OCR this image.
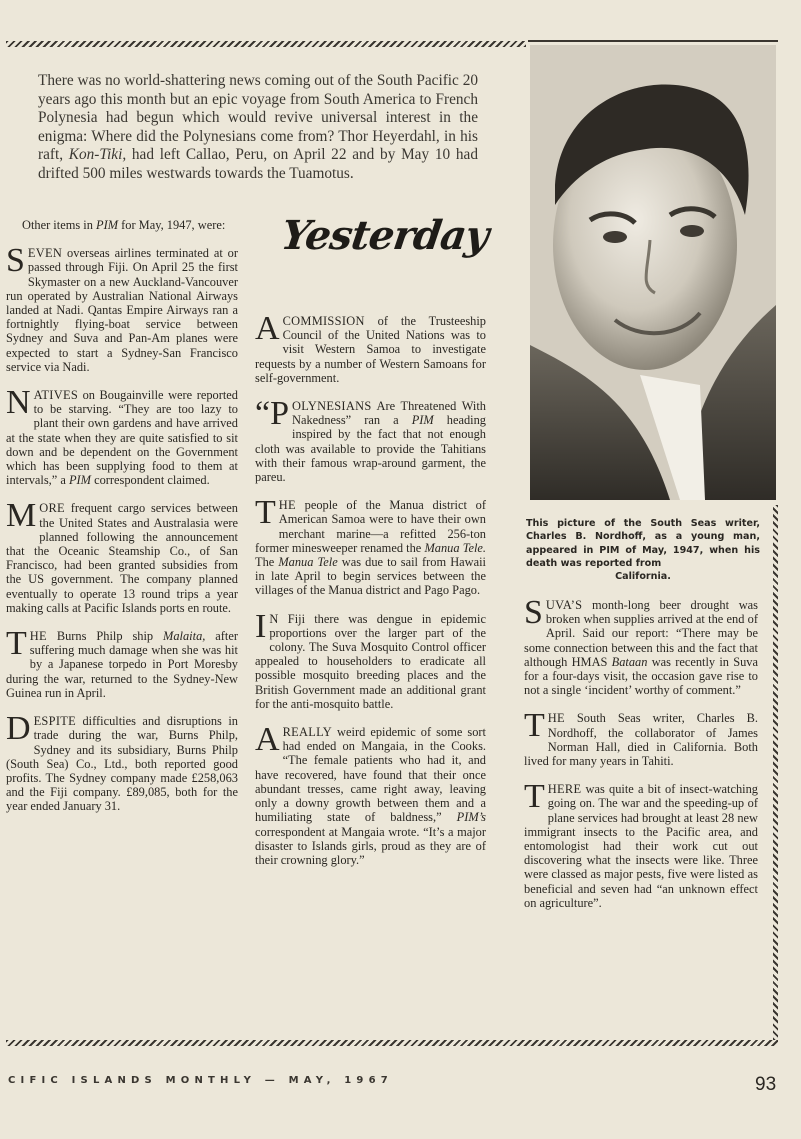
There was no world-shattering news coming out of the South Pacific 20 years ago this month but an epic voyage from South America to French Polynesia had begun which would revive universal interest in the enigma: Where did the Polynesians come from? Thor Heyerdahl, in his raft, Kon-Tiki, had left Callao, Peru, on April 22 and by May 10 had drifted 500 miles westwards towards the Tuamotus.
Yesterday

Other items in PIM for May, 1947, were:

SEVEN overseas airlines terminated at or passed through Fiji. On April 25 the first Skymaster on a new Auckland-Vancouver run operated by Australian National Airways landed at Nadi. Qantas Empire Airways ran a fortnightly flying-boat service between Sydney and Suva and Pan-Am planes were expected to start a Sydney-San Francisco service via Nadi.

NATIVES on Bougainville were reported to be starving. “They are too lazy to plant their own gardens and have arrived at the state when they are quite satisfied to sit down and be dependent on the Government which has been supplying food to them at intervals,” a PIM correspondent claimed.

MORE frequent cargo services between the United States and Australasia were planned following the announcement that the Oceanic Steamship Co., of San Francisco, had been granted subsidies from the US government. The company planned eventually to operate 13 round trips a year making calls at Pacific Islands ports en route.

THE Burns Philp ship Malaita, after suffering much damage when she was hit by a Japanese torpedo in Port Moresby during the war, returned to the Sydney-New Guinea run in April.

DESPITE difficulties and disruptions in trade during the war, Burns Philp, Sydney and its subsidiary, Burns Philp (South Sea) Co., Ltd., both reported good profits. The Sydney company made £258,063 and the Fiji company. £89,085, both for the year ended January 31.

ACOMMISSION of the Trusteeship Council of the United Nations was to visit Western Samoa to investigate requests by a number of Western Samoans for self-government.

“POLYNESIANS Are Threatened With Nakedness” ran a PIM heading inspired by the fact that not enough cloth was available to provide the Tahitians with their famous wrap-around garment, the pareu.

THE people of the Manua district of American Samoa were to have their own merchant marine—a refitted 256-ton former minesweeper renamed the Manua Tele. The Manua Tele was due to sail from Hawaii in late April to begin services between the villages of the Manua district and Pago Pago.

I N Fiji there was dengue in epidemic proportions over the larger part of the colony. The Suva Mosquito Control officer appealed to householders to eradicate all possible mosquito breeding places and the British Government made an additional grant for the anti-mosquito battle.

AREALLY weird epidemic of some sort had ended on Mangaia, in the Cooks. “The female patients who had it, and have recovered, have found that their once abundant tresses, came right away, leaving only a downy growth between them and a humiliating state of baldness,” PIM’s correspondent at Mangaia wrote. “It’s a major disaster to Islands girls, proud as they are of their crowning glory.”

This picture of the South Seas writer, Charles B. Nordhoff, as a young man, appeared in PIM of May, 1947, when his death was reported from
California.

SUVA’S month-long beer drought was broken when supplies arrived at the end of April. Said our report: “There may be some connection between this and the fact that although HMAS Bataan was recently in Suva for a four-days visit, the occasion gave rise to not a single ‘incident’ worthy of comment.”

THE South Seas writer, Charles B. Nordhoff, the collaborator of James Norman Hall, died in California. Both lived for many years in Tahiti.

THERE was quite a bit of insect-watching going on. The war and the speeding-up of plane services had brought at least 28 new immigrant insects to the Pacific area, and entomologist had their work cut out discovering what the insects were like. Three were classed as major pests, five were listed as beneficial and seven had “an unknown effect on agriculture”.

CIFIC ISLANDS MONTHLY — MAY, 1967	93
